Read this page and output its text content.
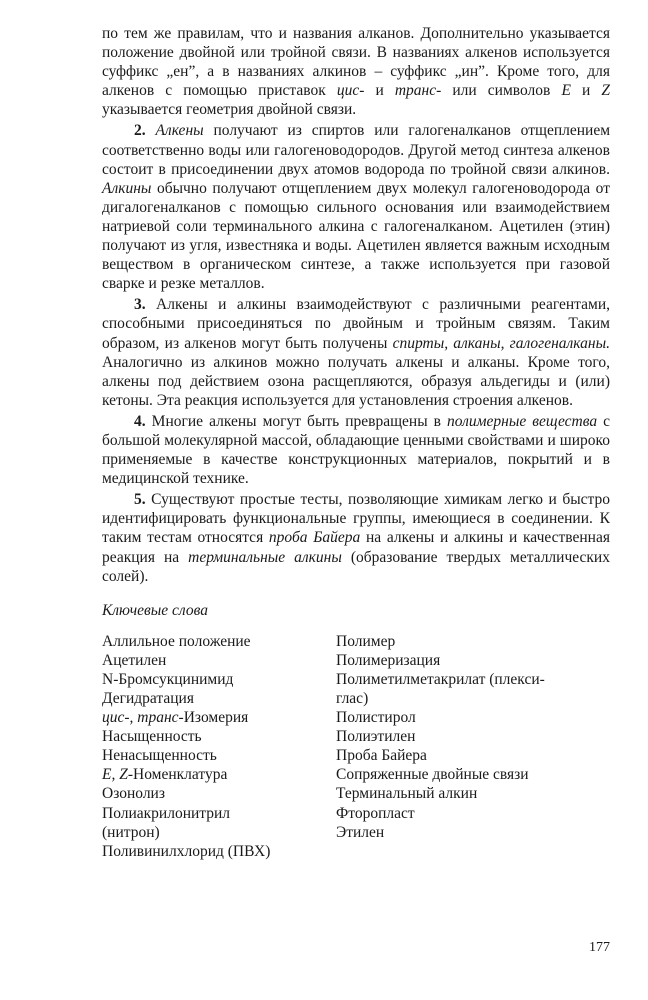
по тем же правилам, что и названия алканов. Дополнительно указывается положение двойной или тройной связи. В названиях алкенов используется суффикс „ен”, а в названиях алкинов – суффикс „ин”. Кроме того, для алкенов с помощью приставок цис- и транс- или символов E и Z указывается геометрия двойной связи.

2. Алкены получают из спиртов или галогеналканов отщеплением соответственно воды или галогеноводородов. Другой метод синтеза алкенов состоит в присоединении двух атомов водорода по тройной связи алкинов. Алкины обычно получают отщеплением двух молекул галогеноводорода от дигалогеналканов с помощью сильного основания или взаимодействием натриевой соли терминального алкина с галогеналканом. Ацетилен (этин) получают из угля, известняка и воды. Ацетилен является важным исходным веществом в органическом синтезе, а также используется при газовой сварке и резке металлов.

3. Алкены и алкины взаимодействуют с различными реагентами, способными присоединяться по двойным и тройным связям. Таким образом, из алкенов могут быть получены спирты, алканы, галогеналканы. Аналогично из алкинов можно получать алкены и алканы. Кроме того, алкены под действием озона расщепляются, образуя альдегиды и (или) кетоны. Эта реакция используется для установления строения алкенов.

4. Многие алкены могут быть превращены в полимерные вещества с большой молекулярной массой, обладающие ценными свойствами и широко применяемые в качестве конструкционных материалов, покрытий и в медицинской технике.

5. Существуют простые тесты, позволяющие химикам легко и быстро идентифицировать функциональные группы, имеющиеся в соединении. К таким тестам относятся проба Байера на алкены и алкины и качественная реакция на терминальные алкины (образование твердых металлических солей).

Ключевые слова
Аллильное положение
Ацетилен
N-Бромсукцинимид
Дегидратация
цис-, транс-Изомерия
Насыщенность
Ненасыщенность
E, Z-Номенклатура
Озонолиз
Полиакрилонитрил
(нитрон)
Поливинилхлорид (ПВХ)
Полимер
Полимеризация
Полиметилметакрилат (плекси-
глас)
Полистирол
Полиэтилен
Проба Байера
Сопряженные двойные связи
Терминальный алкин
Фторопласт
Этилен
177
